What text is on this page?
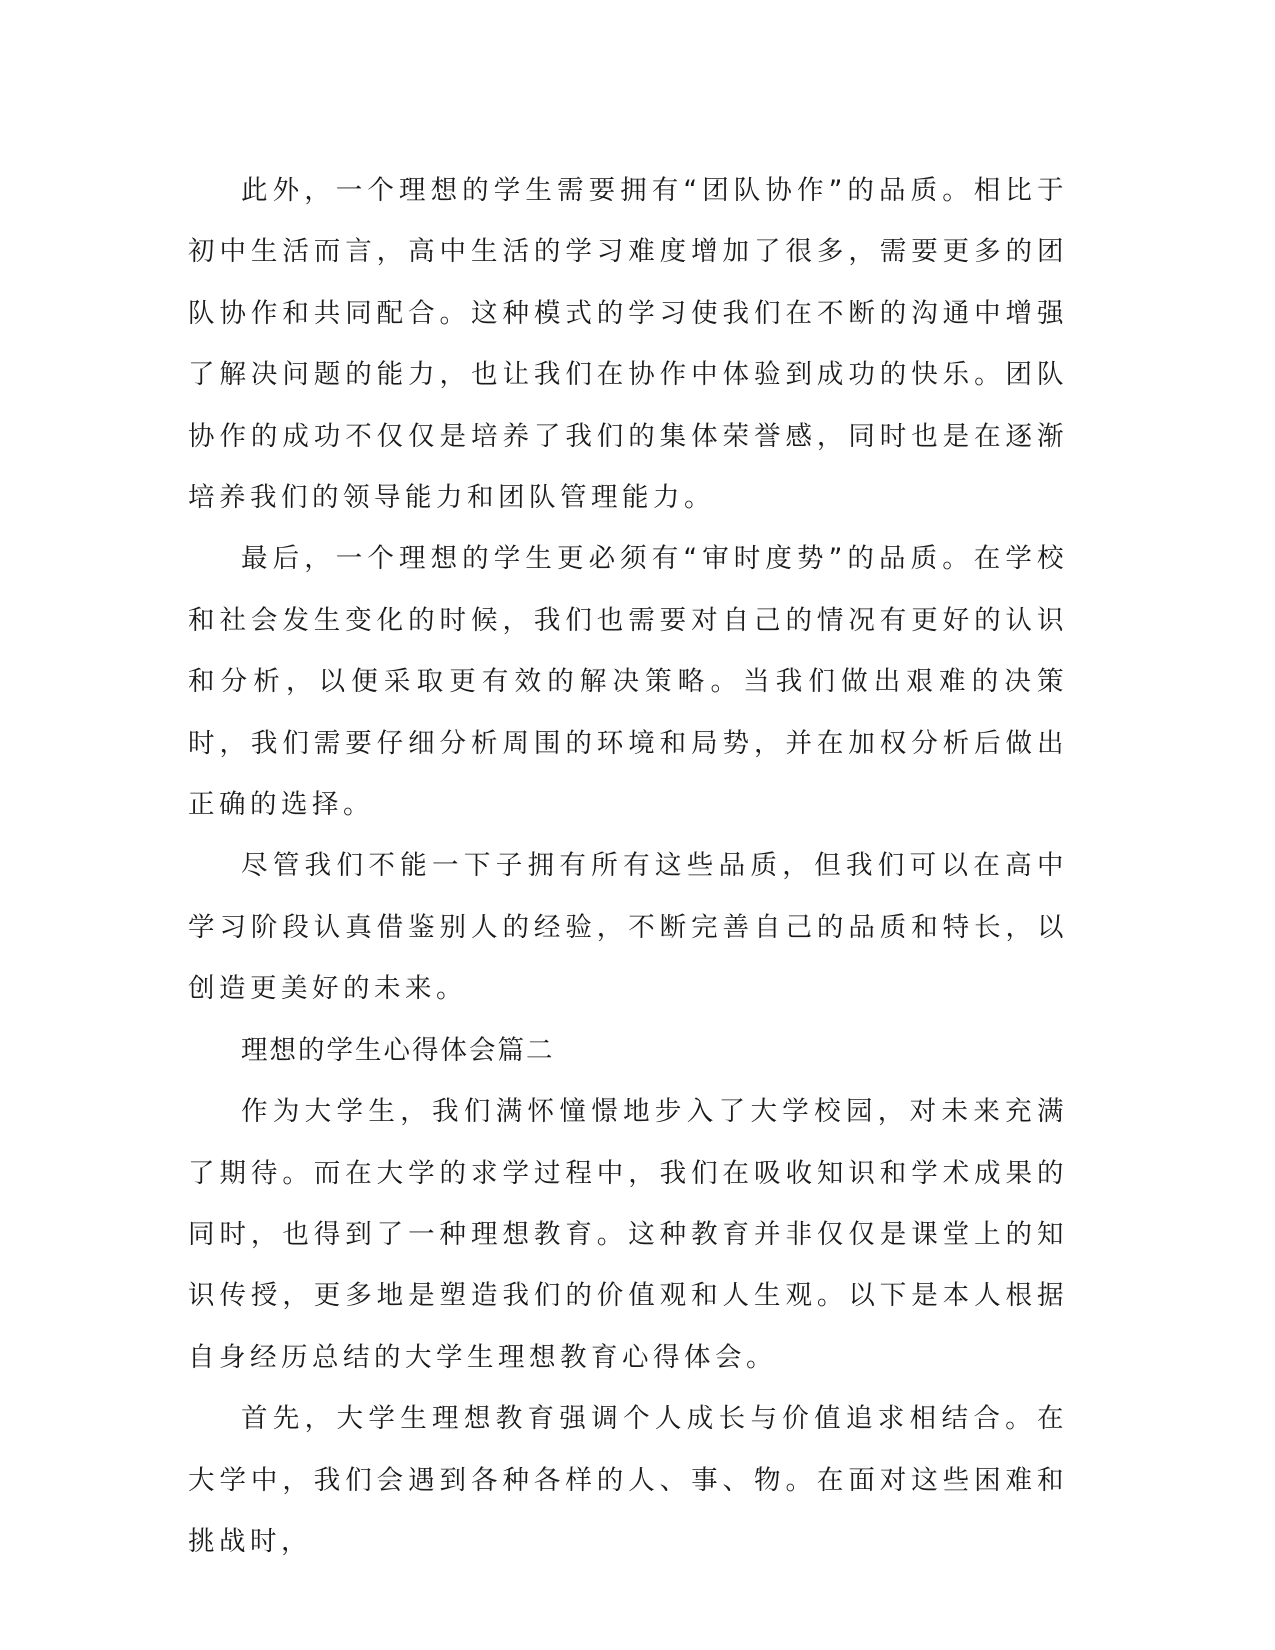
此外，一个理想的学生需要拥有“团队协作”的品质。相比于初中生活而言，高中生活的学习难度增加了很多，需要更多的团队协作和共同配合。这种模式的学习使我们在不断的沟通中增强了解决问题的能力，也让我们在协作中体验到成功的快乐。团队协作的成功不仅仅是培养了我们的集体荣誉感，同时也是在逐渐培养我们的领导能力和团队管理能力。

最后，一个理想的学生更必须有“审时度势”的品质。在学校和社会发生变化的时候，我们也需要对自己的情况有更好的认识和分析，以便采取更有效的解决策略。当我们做出艰难的决策时，我们需要仔细分析周围的环境和局势，并在加权分析后做出正确的选择。

尽管我们不能一下子拥有所有这些品质，但我们可以在高中学习阶段认真借鉴别人的经验，不断完善自己的品质和特长，以创造更美好的未来。

理想的学生心得体会篇二

作为大学生，我们满怀憧憬地步入了大学校园，对未来充满了期待。而在大学的求学过程中，我们在吸收知识和学术成果的同时，也得到了一种理想教育。这种教育并非仅仅是课堂上的知识传授，更多地是塑造我们的价值观和人生观。以下是本人根据自身经历总结的大学生理想教育心得体会。

首先，大学生理想教育强调个人成长与价值追求相结合。在大学中，我们会遇到各种各样的人、事、物。在面对这些困难和挑战时，
